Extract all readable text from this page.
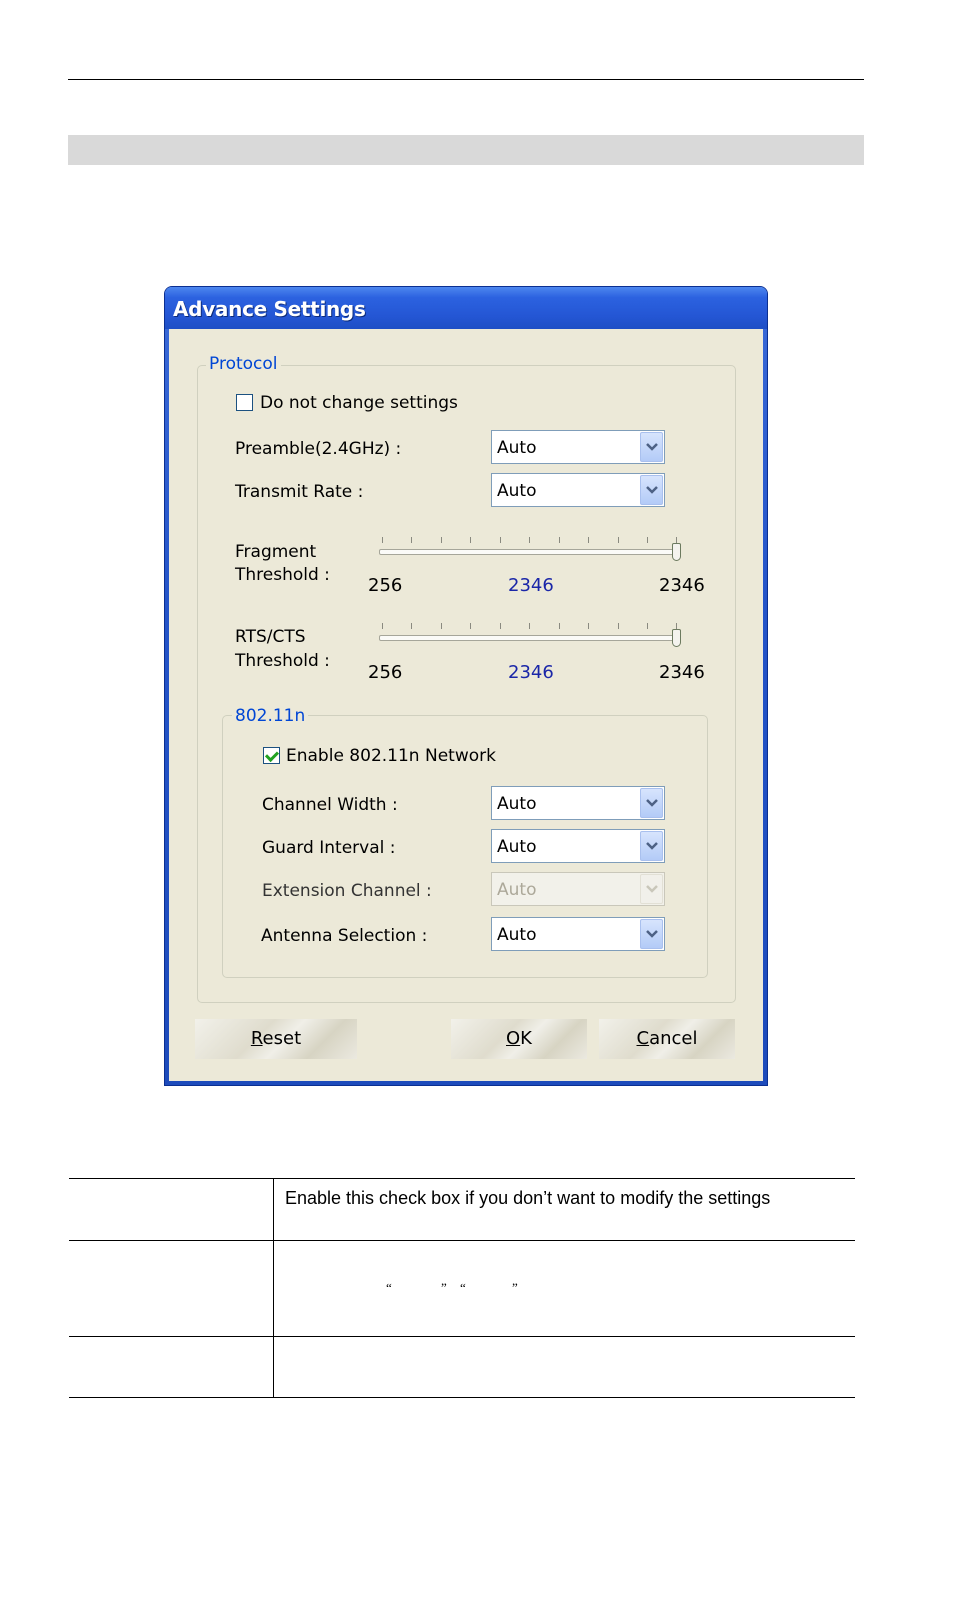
Advance Settings
Protocol
Do not change settings
Preamble(2.4GHz) :	Auto
Transmit Rate :	Auto
Fragment
Threshold : 256	2346	2346
RTS/CTS
Threshold :
256	2346	2346
802.11n
Enable 802.11n Network
Channel Width :	Auto
Guard Interval :	Auto
Extension Channel :	Auto
Antenna Selection :	Auto
Reset	OK	Cancel
Enable this check box if you don’t want to modify the settings
“	” “	”
